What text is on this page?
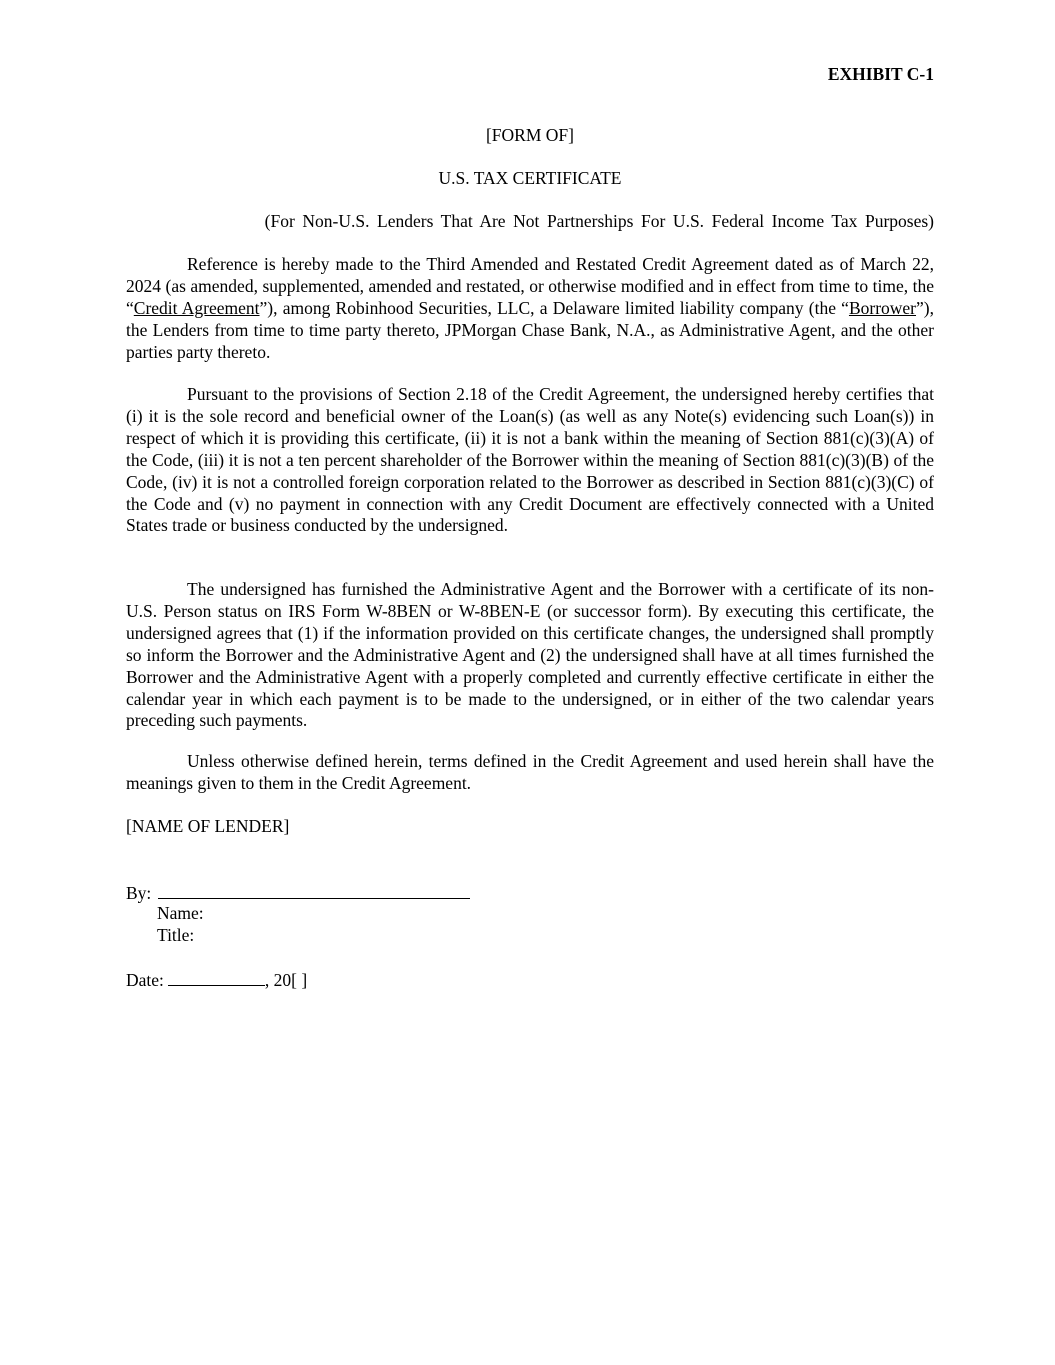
EXHIBIT C-1
[FORM OF]
U.S. TAX CERTIFICATE
(For Non-U.S. Lenders That Are Not Partnerships For U.S. Federal Income Tax Purposes)

Reference is hereby made to the Third Amended and Restated Credit Agreement dated as of March 22, 2024 (as amended, supplemented, amended and restated, or otherwise modified and in effect from time to time, the “Credit Agreement”), among Robinhood Securities, LLC, a Delaware limited liability company (the “Borrower”), the Lenders from time to time party thereto, JPMorgan Chase Bank, N.A., as Administrative Agent, and the other parties party thereto.

Pursuant to the provisions of Section 2.18 of the Credit Agreement, the undersigned hereby certifies that (i) it is the sole record and beneficial owner of the Loan(s) (as well as any Note(s) evidencing such Loan(s)) in respect of which it is providing this certificate, (ii) it is not a bank within the meaning of Section 881(c)(3)(A) of the Code, (iii) it is not a ten percent shareholder of the Borrower within the meaning of Section 881(c)(3)(B) of the Code, (iv) it is not a controlled foreign corporation related to the Borrower as described in Section 881(c)(3)(C) of the Code and (v) no payment in connection with any Credit Document are effectively connected with a United States trade or business conducted by the undersigned.

The undersigned has furnished the Administrative Agent and the Borrower with a certificate of its non-U.S. Person status on IRS Form W-8BEN or W-8BEN-E (or successor form). By executing this certificate, the undersigned agrees that (1) if the information provided on this certificate changes, the undersigned shall promptly so inform the Borrower and the Administrative Agent and (2) the undersigned shall have at all times furnished the Borrower and the Administrative Agent with a properly completed and currently effective certificate in either the calendar year in which each payment is to be made to the undersigned, or in either of the two calendar years preceding such payments.

Unless otherwise defined herein, terms defined in the Credit Agreement and used herein shall have the meanings given to them in the Credit Agreement.

[NAME OF LENDER]
By:
Name:
Title:
Date:	, 20[ ]
